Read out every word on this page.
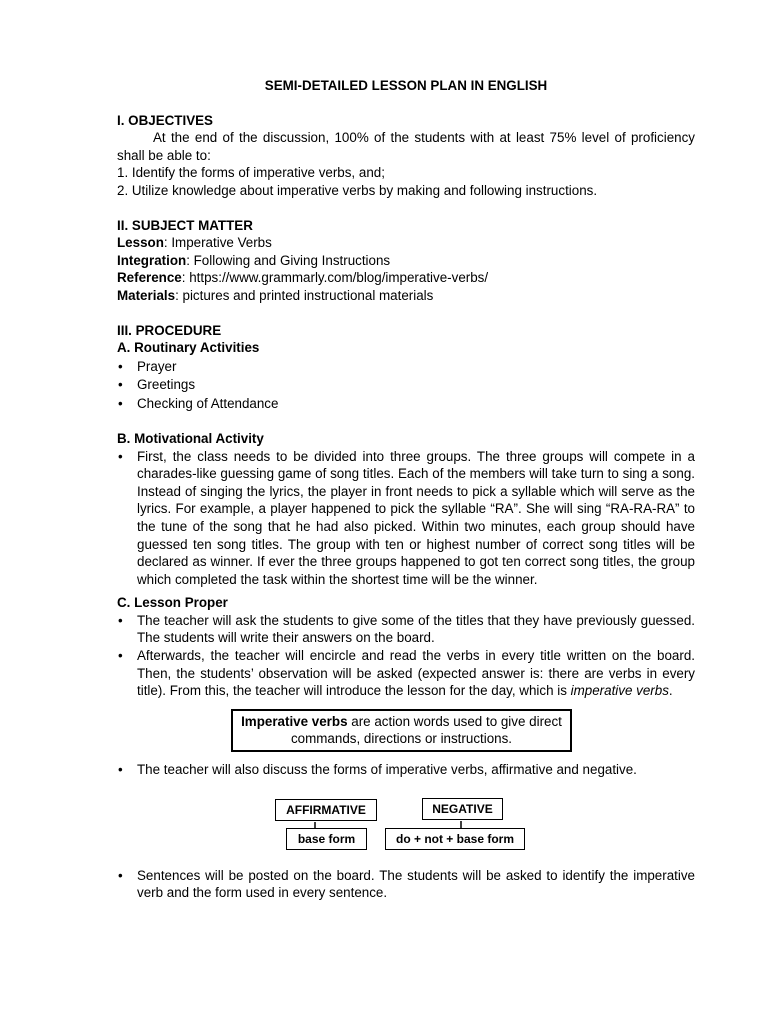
SEMI-DETAILED LESSON PLAN IN ENGLISH

I. OBJECTIVES

At the end of the discussion, 100% of the students with at least 75% level of proficiency shall be able to:

1. Identify the forms of imperative verbs, and;

2. Utilize knowledge about imperative verbs by making and following instructions.

II. SUBJECT MATTER

Lesson: Imperative Verbs

Integration: Following and Giving Instructions

Reference: https://www.grammarly.com/blog/imperative-verbs/

Materials: pictures and printed instructional materials

III. PROCEDURE

A. Routinary Activities

• Prayer
• Greetings
• Checking of Attendance

B. Motivational Activity

• First, the class needs to be divided into three groups. The three groups will compete in a charades-like guessing game of song titles. Each of the members will take turn to sing a song. Instead of singing the lyrics, the player in front needs to pick a syllable which will serve as the lyrics. For example, a player happened to pick the syllable “RA”. She will sing “RA-RA-RA” to the tune of the song that he had also picked. Within two minutes, each group should have guessed ten song titles. The group with ten or highest number of correct song titles will be declared as winner. If ever the three groups happened to got ten correct song titles, the group which completed the task within the shortest time will be the winner.

C. Lesson Proper

• The teacher will ask the students to give some of the titles that they have previously guessed. The students will write their answers on the board.
• Afterwards, the teacher will encircle and read the verbs in every title written on the board. Then, the students’ observation will be asked (expected answer is: there are verbs in every title). From this, the teacher will introduce the lesson for the day, which is imperative verbs.
Imperative verbs are action words used to give direct commands, directions or instructions.
• The teacher will also discuss the forms of imperative verbs, affirmative and negative.
AFFIRMATIVE	NEGATIVE
base form	do + not + base form
• Sentences will be posted on the board. The students will be asked to identify the imperative verb and the form used in every sentence.
